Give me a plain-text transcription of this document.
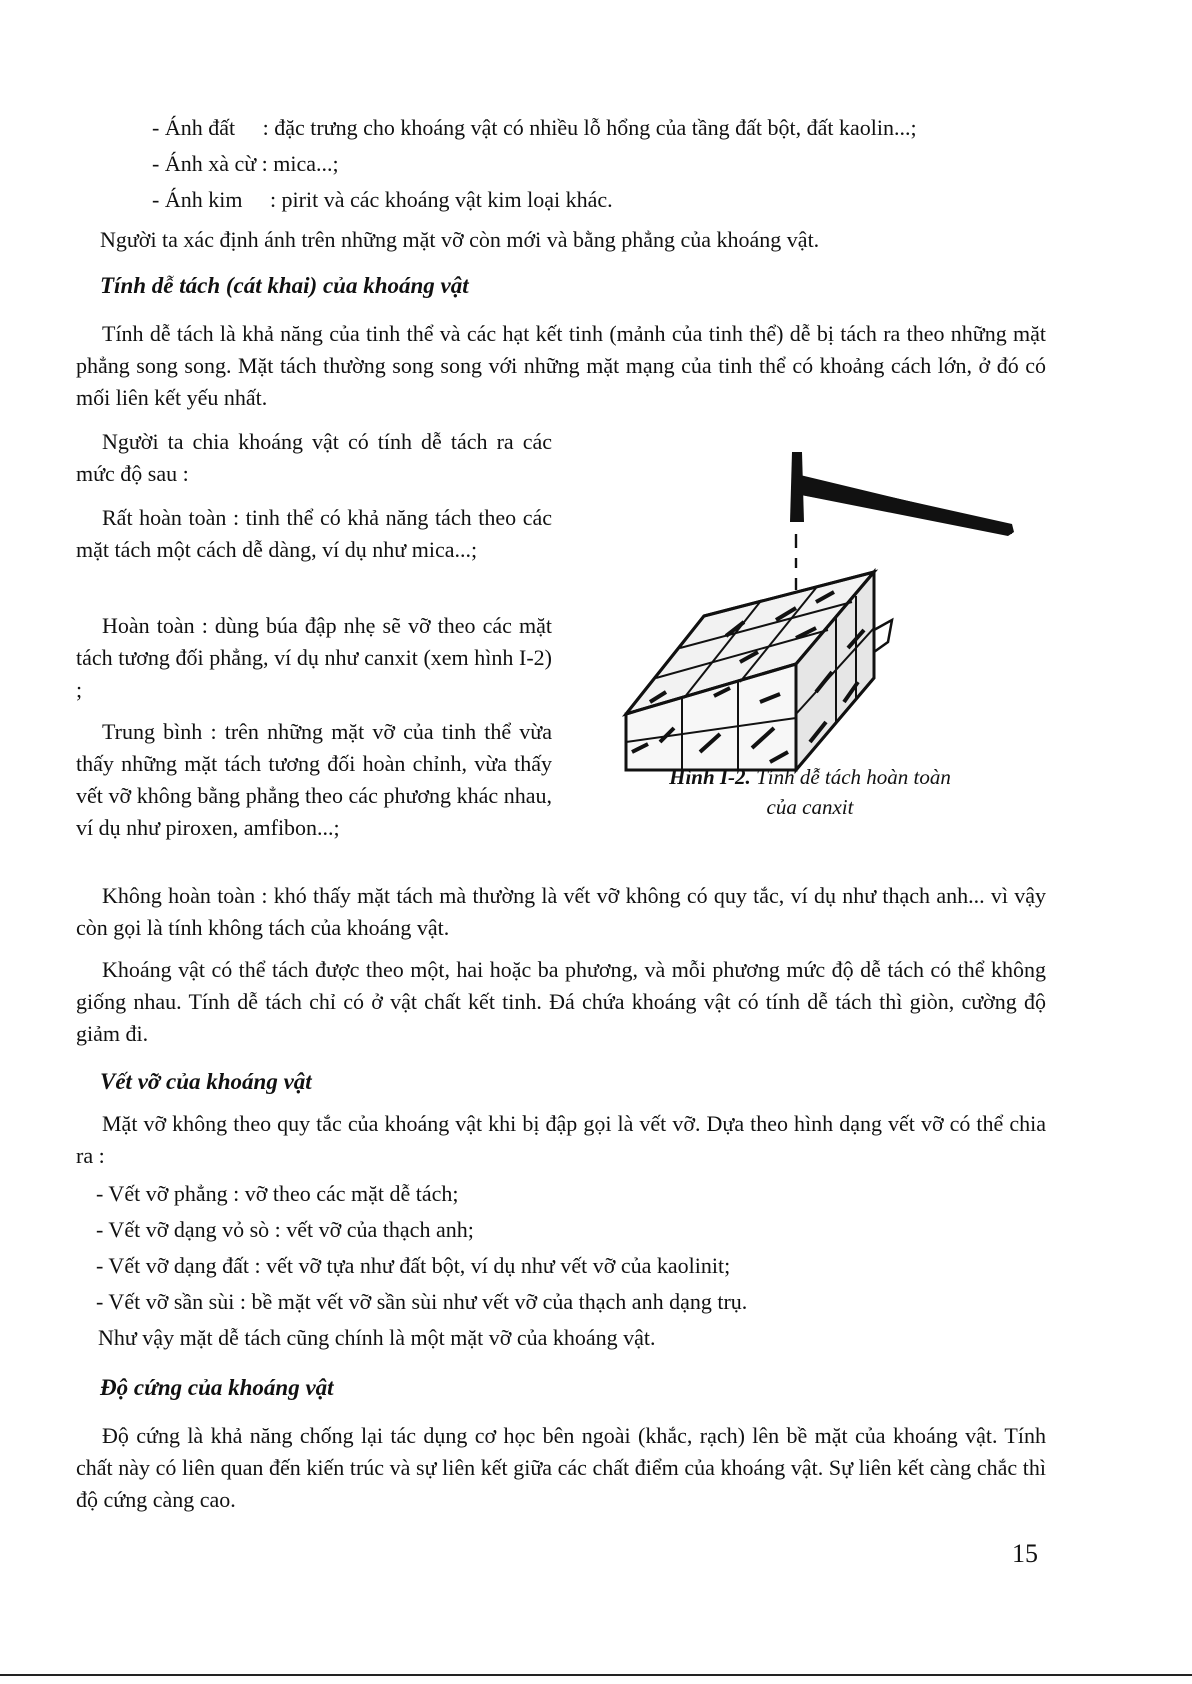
- Ánh đất     : đặc trưng cho khoáng vật có nhiều lỗ hổng của tầng đất bột, đất kaolin...;
- Ánh xà cừ : mica...;
- Ánh kim     : pirit và các khoáng vật kim loại khác.

Người ta xác định ánh trên những mặt vỡ còn mới và bằng phẳng của khoáng vật.

Tính dễ tách (cát khai) của khoáng vật

Tính dễ tách là khả năng của tinh thể và các hạt kết tinh (mảnh của tinh thể) dễ bị tách ra theo những mặt phẳng song song. Mặt tách thường song song với những mặt mạng của tinh thể có khoảng cách lớn, ở đó có mối liên kết yếu nhất.

Người ta chia khoáng vật có tính dễ tách ra các mức độ sau :

Rất hoàn toàn : tinh thể có khả năng tách theo các mặt tách một cách dễ dàng, ví dụ như mica...;

Hoàn toàn : dùng búa đập nhẹ sẽ vỡ theo các mặt tách tương đối phẳng, ví dụ như canxit (xem hình I-2) ;

Trung bình : trên những mặt vỡ của tinh thể vừa thấy những mặt tách tương đối hoàn chỉnh, vừa thấy vết vỡ không bằng phẳng theo các phương khác nhau, ví dụ như piroxen, amfibon...;

Hình I-2. Tính dễ tách hoàn toàn
của canxit

Không hoàn toàn : khó thấy mặt tách mà thường là vết vỡ không có quy tắc, ví dụ như thạch anh... vì vậy còn gọi là tính không tách của khoáng vật.

Khoáng vật có thể tách được theo một, hai hoặc ba phương, và mỗi phương mức độ dễ tách có thể không giống nhau. Tính dễ tách chỉ có ở vật chất kết tinh. Đá chứa khoáng vật có tính dễ tách thì giòn, cường độ giảm đi.

Vết vỡ của khoáng vật

Mặt vỡ không theo quy tắc của khoáng vật khi bị đập gọi là vết vỡ. Dựa theo hình dạng vết vỡ có thể chia ra :

- Vết vỡ phẳng : vỡ theo các mặt dễ tách;
- Vết vỡ dạng vỏ sò : vết vỡ của thạch anh;
- Vết vỡ dạng đất : vết vỡ tựa như đất bột, ví dụ như vết vỡ của kaolinit;
- Vết vỡ sần sùi : bề mặt vết vỡ sần sùi như vết vỡ của thạch anh dạng trụ.

Như vậy mặt dễ tách cũng chính là một mặt vỡ của khoáng vật.

Độ cứng của khoáng vật

Độ cứng là khả năng chống lại tác dụng cơ học bên ngoài (khắc, rạch) lên bề mặt của khoáng vật. Tính chất này có liên quan đến kiến trúc và sự liên kết giữa các chất điểm của khoáng vật. Sự liên kết càng chắc thì độ cứng càng cao.

15
